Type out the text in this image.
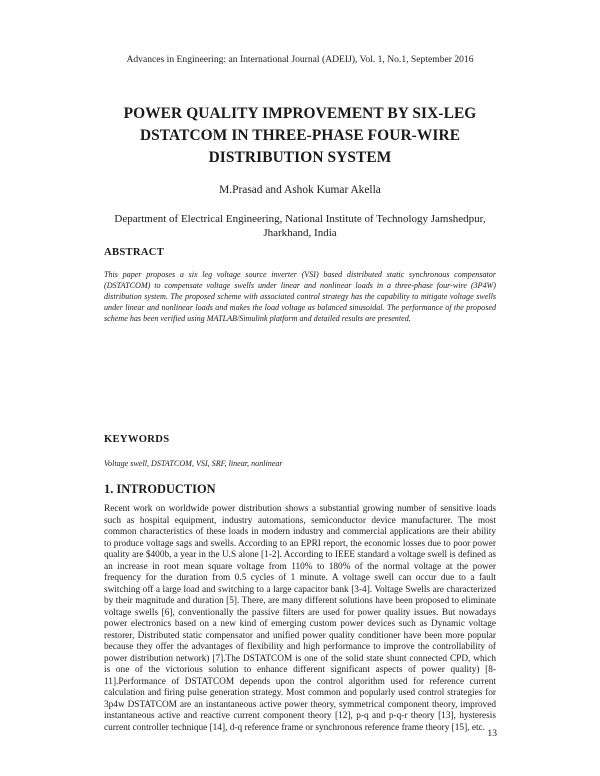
Advances in Engineering: an International Journal (ADEIJ), Vol. 1, No.1, September 2016
POWER QUALITY IMPROVEMENT BY SIX-LEG
DSTATCOM IN THREE-PHASE FOUR-WIRE
DISTRIBUTION SYSTEM
M.Prasad and Ashok Kumar Akella
Department of Electrical Engineering, National Institute of Technology Jamshedpur, Jharkhand, India
ABSTRACT
This paper proposes a six leg voltage source inverter (VSI) based distributed static synchronous compensator (DSTATCOM) to compensate voltage swells under linear and nonlinear loads in a three-phase four-wire (3P4W) distribution system. The proposed scheme with associated control strategy has the capability to mitigate voltage swells under linear and nonlinear loads and makes the load voltage as balanced sinusoidal. The performance of the proposed scheme has been verified using MATLAB/Simulink platform and detailed results are presented.
KEYWORDS
Voltage swell, DSTATCOM, VSI, SRF, linear, nonlinear
1. INTRODUCTION
Recent work on worldwide power distribution shows a substantial growing number of sensitive loads such as hospital equipment, industry automations, semiconductor device manufacturer. The most common characteristics of these loads in modern industry and commercial applications are their ability to produce voltage sags and swells. According to an EPRI report, the economic losses due to poor power quality are $400b, a year in the U.S alone [1-2]. According to IEEE standard a voltage swell is defined as an increase in root mean square voltage from 110% to 180% of the normal voltage at the power frequency for the duration from 0.5 cycles of 1 minute. A voltage swell can occur due to a fault switching off a large load and switching to a large capacitor bank [3-4]. Voltage Swells are characterized by their magnitude and duration [5]. There, are many different solutions have been proposed to eliminate voltage swells [6], conventionally the passive filters are used for power quality issues. But nowadays power electronics based on a new kind of emerging custom power devices such as Dynamic voltage restorer, Distributed static compensator and unified power quality conditioner have been more popular because they offer the advantages of flexibility and high performance to improve the controllability of power distribution network) [7].The DSTATCOM is one of the solid state shunt connected CPD, which is one of the victorious solution to enhance different significant aspects of power quality) [8-11].Performance of DSTATCOM depends upon the control algorithm used for reference current calculation and firing pulse generation strategy. Most common and popularly used control strategies for 3p4w DSTATCOM are an instantaneous active power theory, symmetrical component theory, improved instantaneous active and reactive current component theory [12], p-q and p-q-r theory [13], hysteresis current controller technique [14], d-q reference frame or synchronous reference frame theory [15], etc.
13
